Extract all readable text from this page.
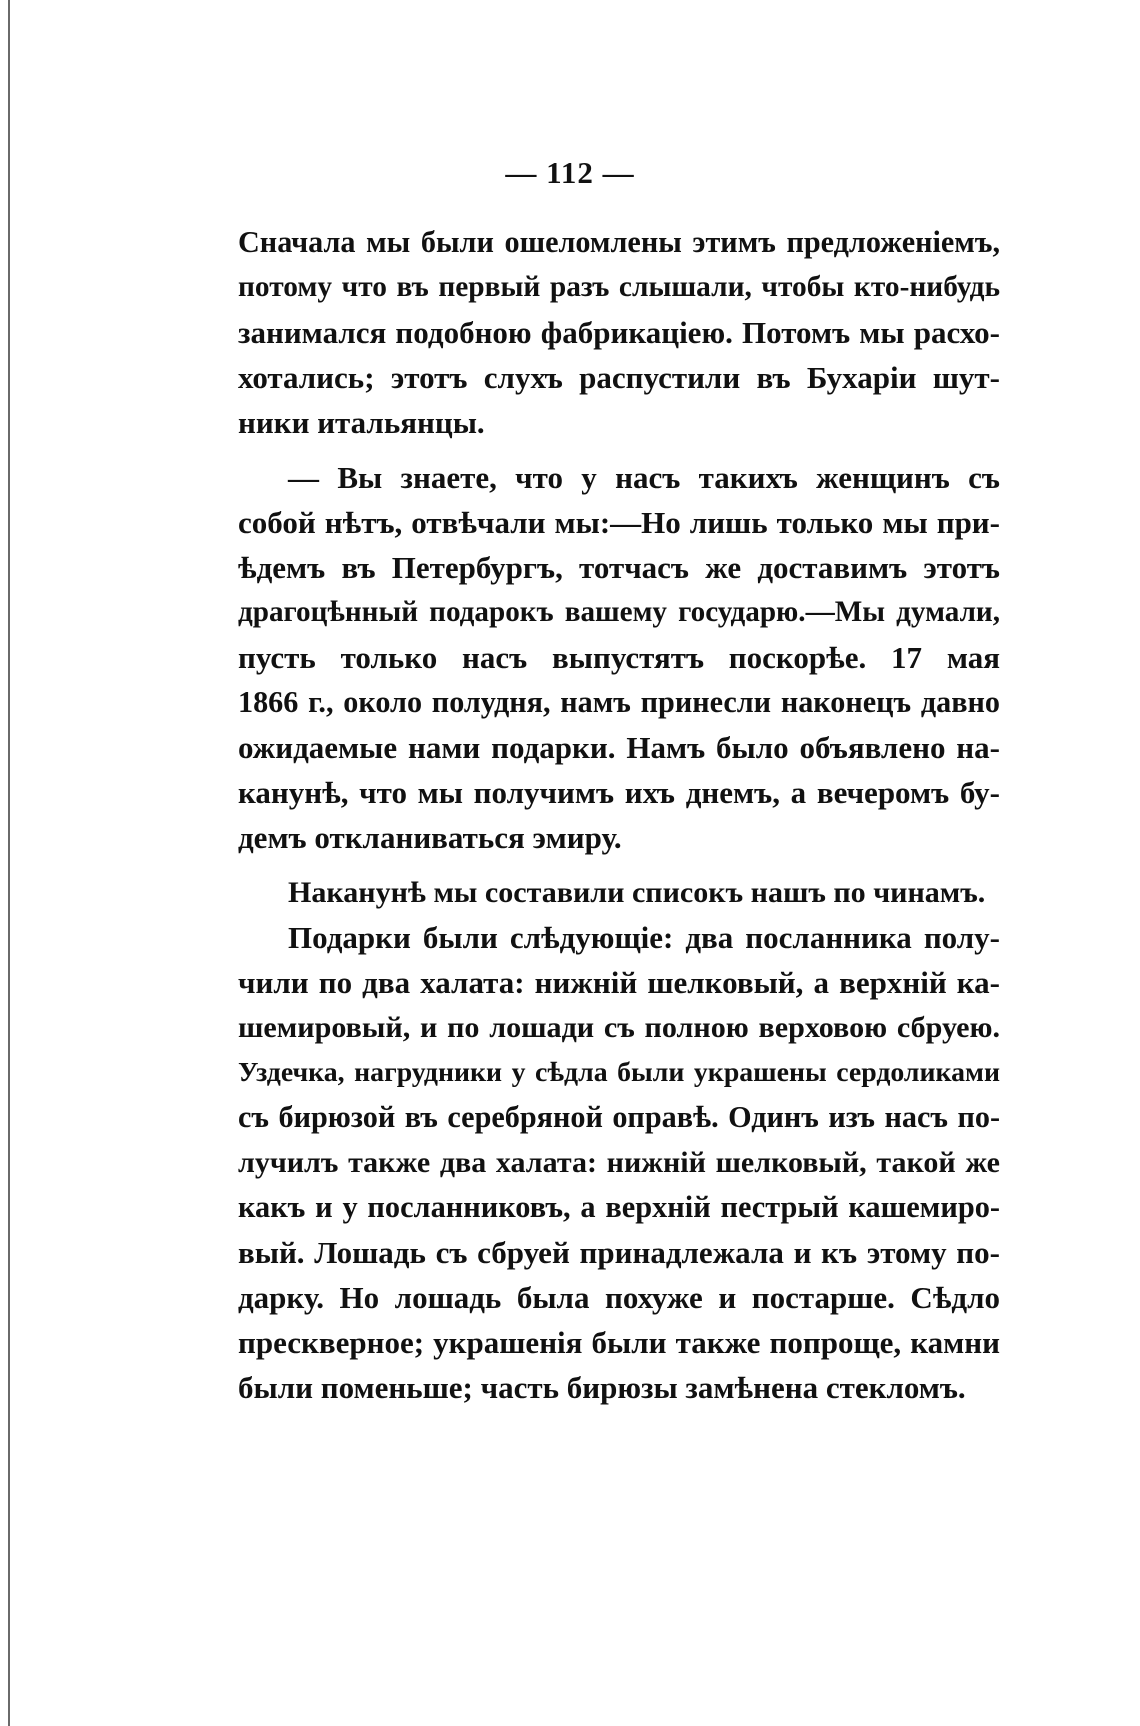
— 112 —
Сначала мы были ошеломлены этимъ предложеніемъ,
потому что въ первый разъ слышали, чтобы кто-нибудь
занимался подобною фабрикаціею. Потомъ мы расхо-
хотались; этотъ слухъ распустили въ Бухаріи шут-
ники итальянцы.
— Вы знаете, что у насъ такихъ женщинъ съ
собой нѣтъ, отвѣчали мы:—Но лишь только мы при-
ѣдемъ въ Петербургъ, тотчасъ же доставимъ этотъ
драгоцѣнный подарокъ вашему государю.—Мы думали,
пусть только насъ выпустятъ поскорѣе. 17 мая
1866 г., около полудня, намъ принесли наконецъ давно
ожидаемые нами подарки. Намъ было объявлено на-
канунѣ, что мы получимъ ихъ днемъ, а вечеромъ бу-
демъ откланиваться эмиру.
Наканунѣ мы составили списокъ нашъ по чинамъ.
Подарки были слѣдующіе: два посланника полу-
чили по два халата: нижній шелковый, а верхній ка-
шемировый, и по лошади съ полною верховою сбруею.
Уздечка, нагрудники у сѣдла были украшены сердоликами
съ бирюзой въ серебряной оправѣ. Одинъ изъ насъ по-
лучилъ также два халата: нижній шелковый, такой же
какъ и у посланниковъ, а верхній пестрый кашемиро-
вый. Лошадь съ сбруей принадлежала и къ этому по-
дарку. Но лошадь была похуже и постарше. Сѣдло
прескверное; украшенія были также попроще, камни
были поменьше; часть бирюзы замѣнена стекломъ.
